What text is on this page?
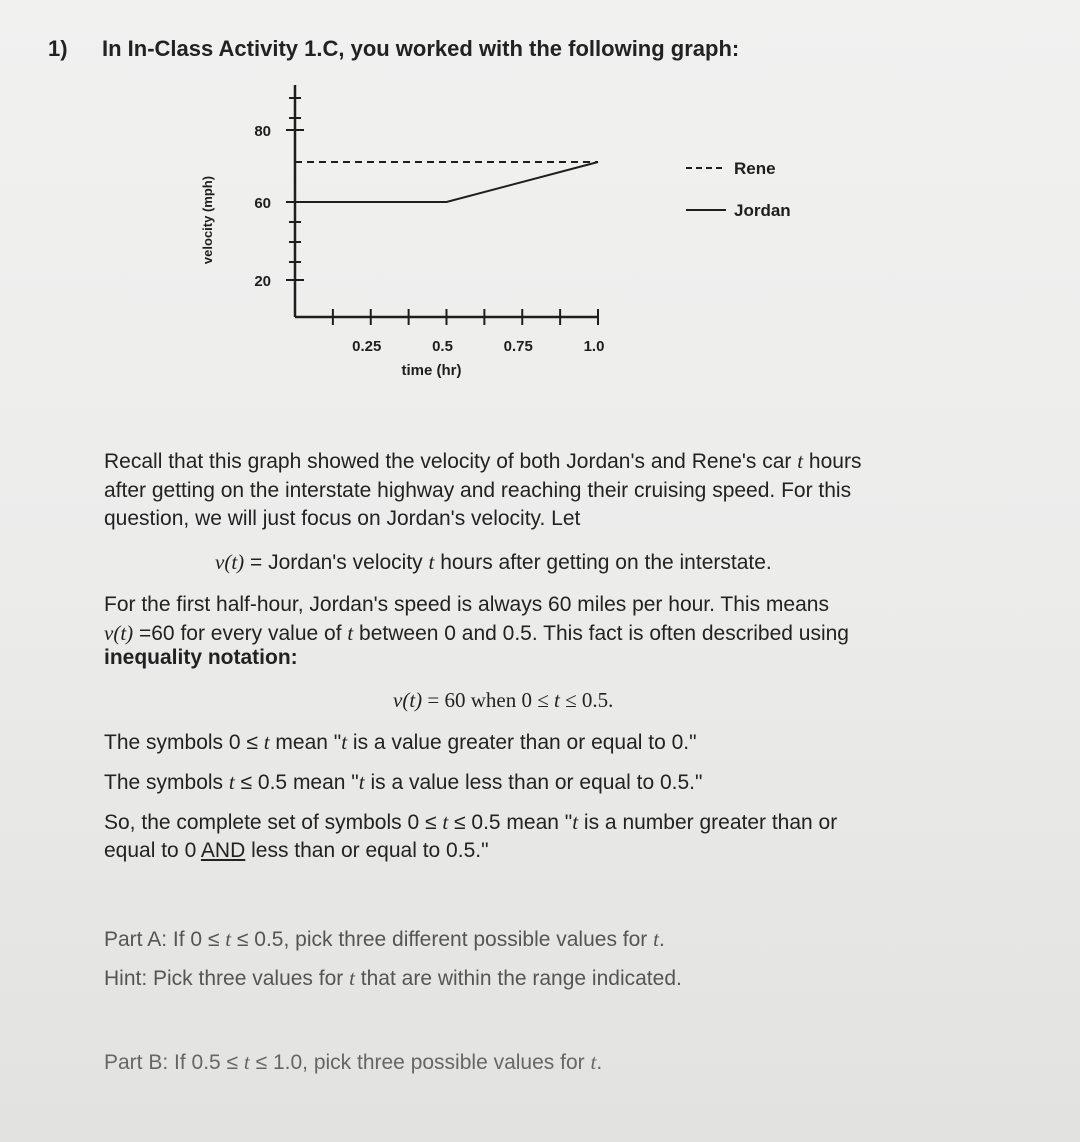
1) In In-Class Activity 1.C, you worked with the following graph:
20
60
80
0.25	0.5	0.75	1.0
time (hr)
velocity (mph)
Rene
Jordan
Recall that this graph showed the velocity of both Jordan's and Rene's car t hours
after getting on the interstate highway and reaching their cruising speed. For this
question, we will just focus on Jordan's velocity. Let
v(t) = Jordan's velocity t hours after getting on the interstate.
For the first half-hour, Jordan's speed is always 60 miles per hour. This means
v(t) =60 for every value of t between 0 and 0.5. This fact is often described using
inequality notation:
v(t) = 60 when 0 ≤ t ≤ 0.5.
The symbols 0 ≤ t mean "t is a value greater than or equal to 0."
The symbols t ≤ 0.5 mean "t is a value less than or equal to 0.5."
So, the complete set of symbols 0 ≤ t ≤ 0.5 mean "t is a number greater than or
equal to 0 AND less than or equal to 0.5."
Part A: If 0 ≤ t ≤ 0.5, pick three different possible values for t.
Hint: Pick three values for t that are within the range indicated.
Part B: If 0.5 ≤ t ≤ 1.0, pick three possible values for t.
